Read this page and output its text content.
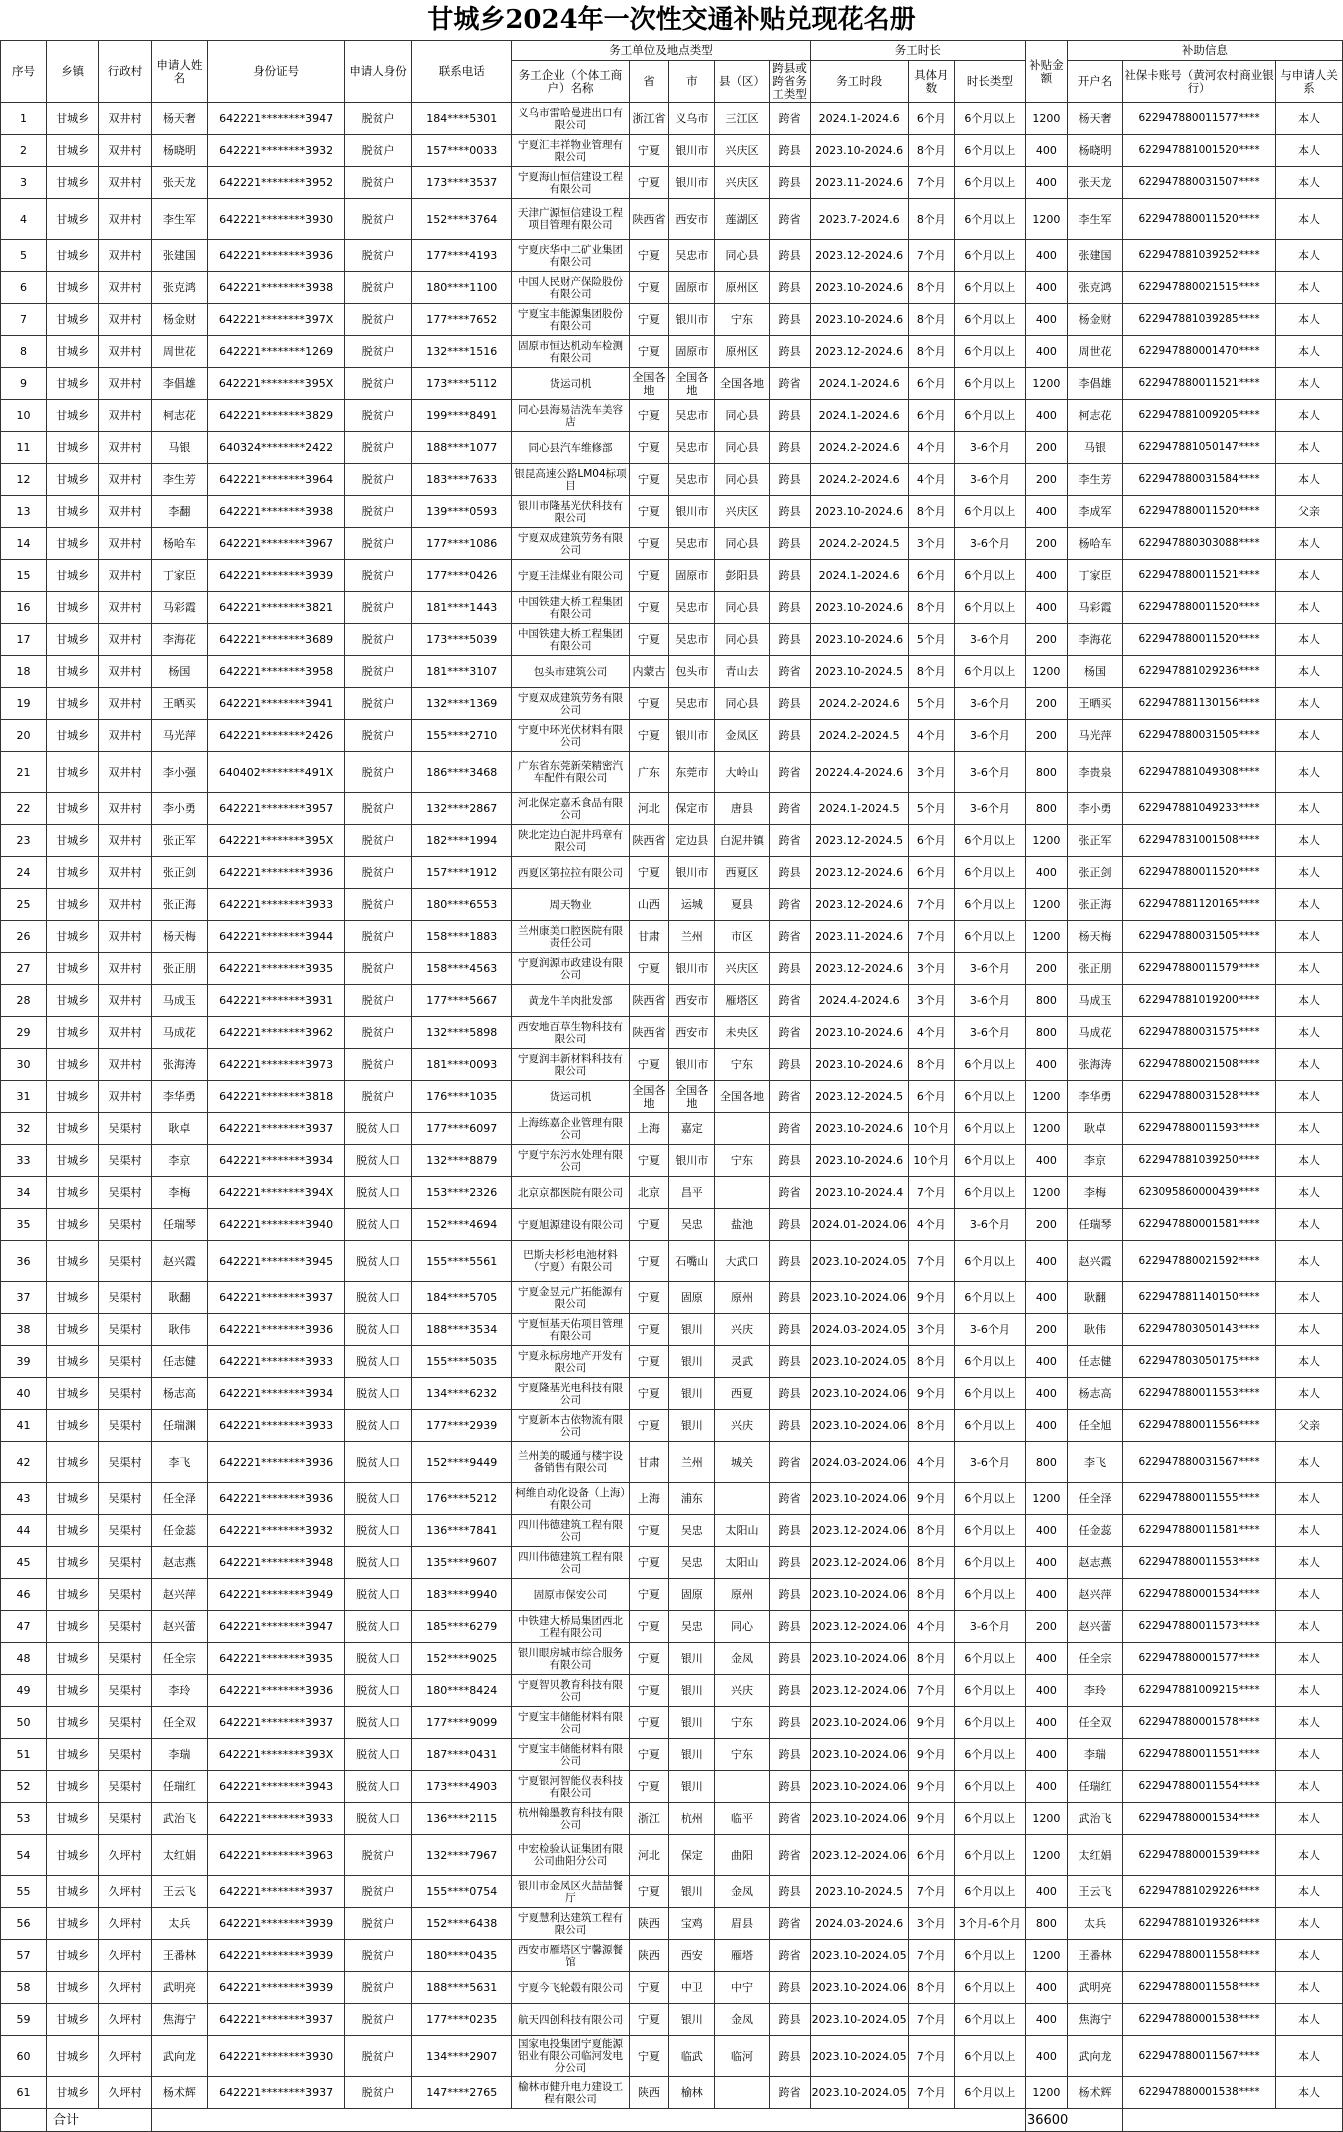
甘城乡2024年一次性交通补贴兑现花名册
序号	乡镇	行政村	申请人姓名	身份证号	申请人身份	联系电话	务工单位及地点类型					务工时长			补贴金额	补助信息		
							务工企业（个体工商户）名称	省	市	县（区）	跨县或跨省务工类型	务工时段	具体月数	时长类型		开户名	社保卡账号（黄河农村商业银行）	与申请人关系
1	甘城乡	双井村	杨天奢	642221********3947	脱贫户	184****5301	义乌市雷哈曼进出口有限公司	浙江省	义乌市	三江区	跨省	2024.1-2024.6	6个月	6个月以上	1200	杨天奢	622947880011577****	本人
2	甘城乡	双井村	杨晓明	642221********3932	脱贫户	157****0033	宁夏汇丰祥物业管理有限公司	宁夏	银川市	兴庆区	跨县	2023.10-2024.6	8个月	6个月以上	400	杨晓明	622947881001520****	本人
3	甘城乡	双井村	张天龙	642221********3952	脱贫户	173****3537	宁夏海山恒信建设工程有限公司	宁夏	银川市	兴庆区	跨县	2023.11-2024.6	7个月	6个月以上	400	张天龙	622947880031507****	本人
4	甘城乡	双井村	李生军	642221********3930	脱贫户	152****3764	天津广源恒信建设工程项目管理有限公司	陕西省	西安市	莲湖区	跨省	2023.7-2024.6	8个月	6个月以上	1200	李生军	622947880011520****	本人
5	甘城乡	双井村	张建国	642221********3936	脱贫户	177****4193	宁夏庆华中二矿业集团有限公司	宁夏	吴忠市	同心县	跨县	2023.12-2024.6	7个月	6个月以上	400	张建国	622947881039252****	本人
6	甘城乡	双井村	张克鸿	642221********3938	脱贫户	180****1100	中国人民财产保险股份有限公司	宁夏	固原市	原州区	跨县	2023.10-2024.6	8个月	6个月以上	400	张克鸿	622947880021515****	本人
7	甘城乡	双井村	杨金财	642221********397X	脱贫户	177****7652	宁夏宝丰能源集团股份有限公司	宁夏	银川市	宁东	跨县	2023.10-2024.6	8个月	6个月以上	400	杨金财	622947881039285****	本人
8	甘城乡	双井村	周世花	642221********1269	脱贫户	132****1516	固原市恒达机动车检测有限公司	宁夏	固原市	原州区	跨县	2023.12-2024.6	8个月	6个月以上	400	周世花	622947880001470****	本人
9	甘城乡	双井村	李倡雄	642221********395X	脱贫户	173****5112	货运司机	全国各地	全国各地	全国各地	跨省	2024.1-2024.6	6个月	6个月以上	1200	李倡雄	622947880011521****	本人
10	甘城乡	双井村	柯志花	642221********3829	脱贫户	199****8491	同心县海易洁洗车美容店	宁夏	吴忠市	同心县	跨县	2024.1-2024.6	6个月	6个月以上	400	柯志花	622947881009205****	本人
11	甘城乡	双井村	马银	640324********2422	脱贫户	188****1077	同心县汽车维修部	宁夏	吴忠市	同心县	跨县	2024.2-2024.6	4个月	3-6个月	200	马银	622947881050147****	本人
12	甘城乡	双井村	李生芳	642221********3964	脱贫户	183****7633	银昆高速公路LM04标项目	宁夏	吴忠市	同心县	跨县	2024.2-2024.6	4个月	3-6个月	200	李生芳	622947880031584****	本人
13	甘城乡	双井村	李翻	642221********3938	脱贫户	139****0593	银川市隆基光伏科技有限公司	宁夏	银川市	兴庆区	跨县	2023.10-2024.6	8个月	6个月以上	400	李成军	622947880011520****	父亲
14	甘城乡	双井村	杨哈车	642221********3967	脱贫户	177****1086	宁夏双成建筑劳务有限公司	宁夏	吴忠市	同心县	跨县	2024.2-2024.5	3个月	3-6个月	200	杨哈车	622947880303088****	本人
15	甘城乡	双井村	丁家臣	642221********3939	脱贫户	177****0426	宁夏王洼煤业有限公司	宁夏	固原市	彭阳县	跨县	2024.1-2024.6	6个月	6个月以上	400	丁家臣	622947880011521****	本人
16	甘城乡	双井村	马彩霞	642221********3821	脱贫户	181****1443	中国铁建大桥工程集团有限公司	宁夏	吴忠市	同心县	跨县	2023.10-2024.6	8个月	6个月以上	400	马彩霞	622947880011520****	本人
17	甘城乡	双井村	李海花	642221********3689	脱贫户	173****5039	中国铁建大桥工程集团有限公司	宁夏	吴忠市	同心县	跨县	2023.10-2024.6	5个月	3-6个月	200	李海花	622947880011520****	本人
18	甘城乡	双井村	杨国	642221********3958	脱贫户	181****3107	包头市建筑公司	内蒙古	包头市	青山去	跨省	2023.10-2024.5	8个月	6个月以上	1200	杨国	622947881029236****	本人
19	甘城乡	双井村	王晒买	642221********3941	脱贫户	132****1369	宁夏双成建筑劳务有限公司	宁夏	吴忠市	同心县	跨县	2024.2-2024.6	5个月	3-6个月	200	王晒买	622947881130156****	本人
20	甘城乡	双井村	马光萍	642221********2426	脱贫户	155****2710	宁夏中环光伏材料有限公司	宁夏	银川市	金凤区	跨县	2024.2-2024.5	4个月	3-6个月	200	马光萍	622947880031505****	本人
21	甘城乡	双井村	李小强	640402********491X	脱贫户	186****3468	广东省东莞新荣精密汽车配件有限公司	广东	东莞市	大岭山	跨省	20224.4-2024.6	3个月	3-6个月	800	李贵泉	622947881049308****	本人
22	甘城乡	双井村	李小勇	642221********3957	脱贫户	132****2867	河北保定嘉禾食品有限公司	河北	保定市	唐县	跨省	2024.1-2024.5	5个月	3-6个月	800	李小勇	622947881049233****	本人
23	甘城乡	双井村	张正军	642221********395X	脱贫户	182****1994	陕北定边白泥井玛章有限公司	陕西省	定边县	白泥井镇	跨省	2023.12-2024.5	6个月	6个月以上	1200	张正军	622947831001508****	本人
24	甘城乡	双井村	张正剑	642221********3936	脱贫户	157****1912	西夏区第拉拉有限公司	宁夏	银川市	西夏区	跨县	2023.12-2024.6	6个月	6个月以上	400	张正剑	622947880011520****	本人
25	甘城乡	双井村	张正海	642221********3933	脱贫户	180****6553	周天物业	山西	运城	夏县	跨省	2023.12-2024.6	7个月	6个月以上	1200	张正海	622947881120165****	本人
26	甘城乡	双井村	杨天梅	642221********3944	脱贫户	158****1883	兰州康美口腔医院有限责任公司	甘肃	兰州	市区	跨省	2023.11-2024.6	7个月	6个月以上	1200	杨天梅	622947880031505****	本人
27	甘城乡	双井村	张正朋	642221********3935	脱贫户	158****4563	宁夏润源市政建设有限公司	宁夏	银川市	兴庆区	跨县	2023.12-2024.6	3个月	3-6个月	200	张正朋	622947880011579****	本人
28	甘城乡	双井村	马成玉	642221********3931	脱贫户	177****5667	黄龙牛羊肉批发部	陕西省	西安市	雁塔区	跨省	2024.4-2024.6	3个月	3-6个月	800	马成玉	622947881019200****	本人
29	甘城乡	双井村	马成花	642221********3962	脱贫户	132****5898	西安地百草生物科技有限公司	陕西省	西安市	未央区	跨省	2023.10-2024.6	4个月	3-6个月	800	马成花	622947880031575****	本人
30	甘城乡	双井村	张海涛	642221********3973	脱贫户	181****0093	宁夏润丰新材料科技有限公司	宁夏	银川市	宁东	跨县	2023.10-2024.6	8个月	6个月以上	400	张海涛	622947880021508****	本人
31	甘城乡	双井村	李华勇	642221********3818	脱贫户	176****1035	货运司机	全国各地	全国各地	全国各地	跨省	2023.12-2024.5	6个月	6个月以上	1200	李华勇	622947880031528****	本人
32	甘城乡	吴渠村	耿卓	642221********3937	脱贫人口	177****6097	上海练嘉企业管理有限公司	上海	嘉定		跨省	2023.10-2024.6	10个月	6个月以上	1200	耿卓	622947880011593****	本人
33	甘城乡	吴渠村	李京	642221********3934	脱贫人口	132****8879	宁夏宁东污水处理有限公司	宁夏	银川市	宁东	跨县	2023.10-2024.6	10个月	6个月以上	400	李京	622947881039250****	本人
34	甘城乡	吴渠村	李梅	642221********394X	脱贫人口	153****2326	北京京都医院有限公司	北京	昌平		跨省	2023.10-2024.4	7个月	6个月以上	1200	李梅	623095860000439****	本人
35	甘城乡	吴渠村	任瑞琴	642221********3940	脱贫人口	152****4694	宁夏旭源建设有限公司	宁夏	吴忠	盐池	跨县	2024.01-2024.06	4个月	3-6个月	200	任瑞琴	622947880001581****	本人
36	甘城乡	吴渠村	赵兴霞	642221********3945	脱贫人口	155****5561	巴斯夫杉杉电池材料（宁夏）有限公司	宁夏	石嘴山	大武口	跨县	2023.10-2024.05	7个月	6个月以上	400	赵兴霞	622947880021592****	本人
37	甘城乡	吴渠村	耿翻	642221********3937	脱贫人口	184****5705	宁夏金昱元广拓能源有限公司	宁夏	固原	原州	跨县	2023.10-2024.06	9个月	6个月以上	400	耿翻	622947881140150****	本人
38	甘城乡	吴渠村	耿伟	642221********3936	脱贫人口	188****3534	宁夏恒基天佑项目管理有限公司	宁夏	银川	兴庆	跨县	2024.03-2024.05	3个月	3-6个月	200	耿伟	622947803050143****	本人
39	甘城乡	吴渠村	任志健	642221********3933	脱贫人口	155****5035	宁夏永标房地产开发有限公司	宁夏	银川	灵武	跨县	2023.10-2024.05	8个月	6个月以上	400	任志健	622947803050175****	本人
40	甘城乡	吴渠村	杨志高	642221********3934	脱贫人口	134****6232	宁夏隆基光电科技有限公司	宁夏	银川	西夏	跨县	2023.10-2024.06	9个月	6个月以上	400	杨志高	622947880011553****	本人
41	甘城乡	吴渠村	任瑞渊	642221********3933	脱贫人口	177****2939	宁夏新本古依物流有限公司	宁夏	银川	兴庆	跨县	2023.10-2024.06	8个月	6个月以上	400	任全旭	622947880011556****	父亲
42	甘城乡	吴渠村	李飞	642221********3936	脱贫人口	152****9449	兰州美的暖通与楼宇设备销售有限公司	甘肃	兰州	城关	跨省	2024.03-2024.06	4个月	3-6个月	800	李飞	622947880031567****	本人
43	甘城乡	吴渠村	任全泽	642221********3936	脱贫人口	176****5212	柯维自动化设备（上海）有限公司	上海	浦东		跨省	2023.10-2024.06	9个月	6个月以上	1200	任全泽	622947880011555****	本人
44	甘城乡	吴渠村	任金蕊	642221********3932	脱贫人口	136****7841	四川伟德建筑工程有限公司	宁夏	吴忠	太阳山	跨县	2023.12-2024.06	8个月	6个月以上	400	任金蕊	622947880011581****	本人
45	甘城乡	吴渠村	赵志燕	642221********3948	脱贫人口	135****9607	四川伟德建筑工程有限公司	宁夏	吴忠	太阳山	跨县	2023.12-2024.06	8个月	6个月以上	400	赵志燕	622947880011553****	本人
46	甘城乡	吴渠村	赵兴萍	642221********3949	脱贫人口	183****9940	固原市保安公司	宁夏	固原	原州	跨县	2023.10-2024.06	8个月	6个月以上	400	赵兴萍	622947880001534****	本人
47	甘城乡	吴渠村	赵兴蕾	642221********3947	脱贫人口	185****6279	中铁建大桥局集团西北工程有限公司	宁夏	吴忠	同心	跨县	2023.12-2024.06	4个月	3-6个月	200	赵兴蕾	622947880011573****	本人
48	甘城乡	吴渠村	任全宗	642221********3935	脱贫人口	152****9025	银川眼房城市综合服务有限公司	宁夏	银川	金凤	跨县	2023.10-2024.06	8个月	6个月以上	400	任全宗	622947880001577****	本人
49	甘城乡	吴渠村	李玲	642221********3936	脱贫人口	180****8424	宁夏智贝教育科技有限公司	宁夏	银川	兴庆	跨县	2023.12-2024.06	7个月	6个月以上	400	李玲	622947881009215****	本人
50	甘城乡	吴渠村	任全双	642221********3937	脱贫人口	177****9099	宁夏宝丰储能材料有限公司	宁夏	银川	宁东	跨县	2023.10-2024.06	9个月	6个月以上	400	任全双	622947880001578****	本人
51	甘城乡	吴渠村	李瑞	642221********393X	脱贫人口	187****0431	宁夏宝丰储能材料有限公司	宁夏	银川	宁东	跨县	2023.10-2024.06	9个月	6个月以上	400	李瑞	622947880011551****	本人
52	甘城乡	吴渠村	任瑞红	642221********3943	脱贫人口	173****4903	宁夏银河智能仪表科技有限公司	宁夏	银川		跨县	2023.10-2024.06	9个月	6个月以上	400	任瑞红	622947880011554****	本人
53	甘城乡	吴渠村	武治飞	642221********3933	脱贫人口	136****2115	杭州翰墨教育科技有限公司	浙江	杭州	临平	跨省	2023.10-2024.06	9个月	6个月以上	1200	武治飞	622947880001534****	本人
54	甘城乡	久坪村	太红娟	642221********3963	脱贫户	132****7967	中宏检验认证集团有限公司曲阳分公司	河北	保定	曲阳	跨省	2023.12-2024.06	6个月	6个月以上	1200	太红娟	622947880001539****	本人
55	甘城乡	久坪村	王云飞	642221********3937	脱贫户	155****0754	银川市金凤区火喆喆餐厅	宁夏	银川	金凤	跨县	2023.10-2024.5	7个月	6个月以上	400	王云飞	622947881029226****	本人
56	甘城乡	久坪村	太兵	642221********3939	脱贫户	152****6438	宁夏慧利达建筑工程有限公司	陕西	宝鸡	眉县	跨省	2024.03-2024.6	3个月	3个月-6个月	800	太兵	622947881019326****	本人
57	甘城乡	久坪村	王番林	642221********3939	脱贫户	180****0435	西安市雁塔区宁馨源餐馆	陕西	西安	雁塔	跨省	2023.10-2024.05	7个月	6个月以上	1200	王番林	622947880011558****	本人
58	甘城乡	久坪村	武明亮	642221********3939	脱贫户	188****5631	宁夏今飞轮毂有限公司	宁夏	中卫	中宁	跨县	2023.10-2024.06	8个月	6个月以上	400	武明亮	622947880011558****	本人
59	甘城乡	久坪村	焦海宁	642221********3937	脱贫户	177****0235	航天四创科技有限公司	宁夏	银川	金凤	跨县	2023.10-2024.05	7个月	6个月以上	400	焦海宁	622947880001538****	本人
60	甘城乡	久坪村	武向龙	642221********3930	脱贫户	134****2907	国家电投集团宁夏能源铝业有限公司临河发电分公司	宁夏	临武	临河	跨县	2023.10-2024.05	7个月	6个月以上	400	武向龙	622947880011567****	本人
61	甘城乡	久坪村	杨术辉	642221********3937	脱贫户	147****2765	榆林市健升电力建设工程有限公司	陕西	榆林		跨省	2023.10-2024.05	7个月	6个月以上	1200	杨术辉	622947880001538****	本人
	合计														36600			
